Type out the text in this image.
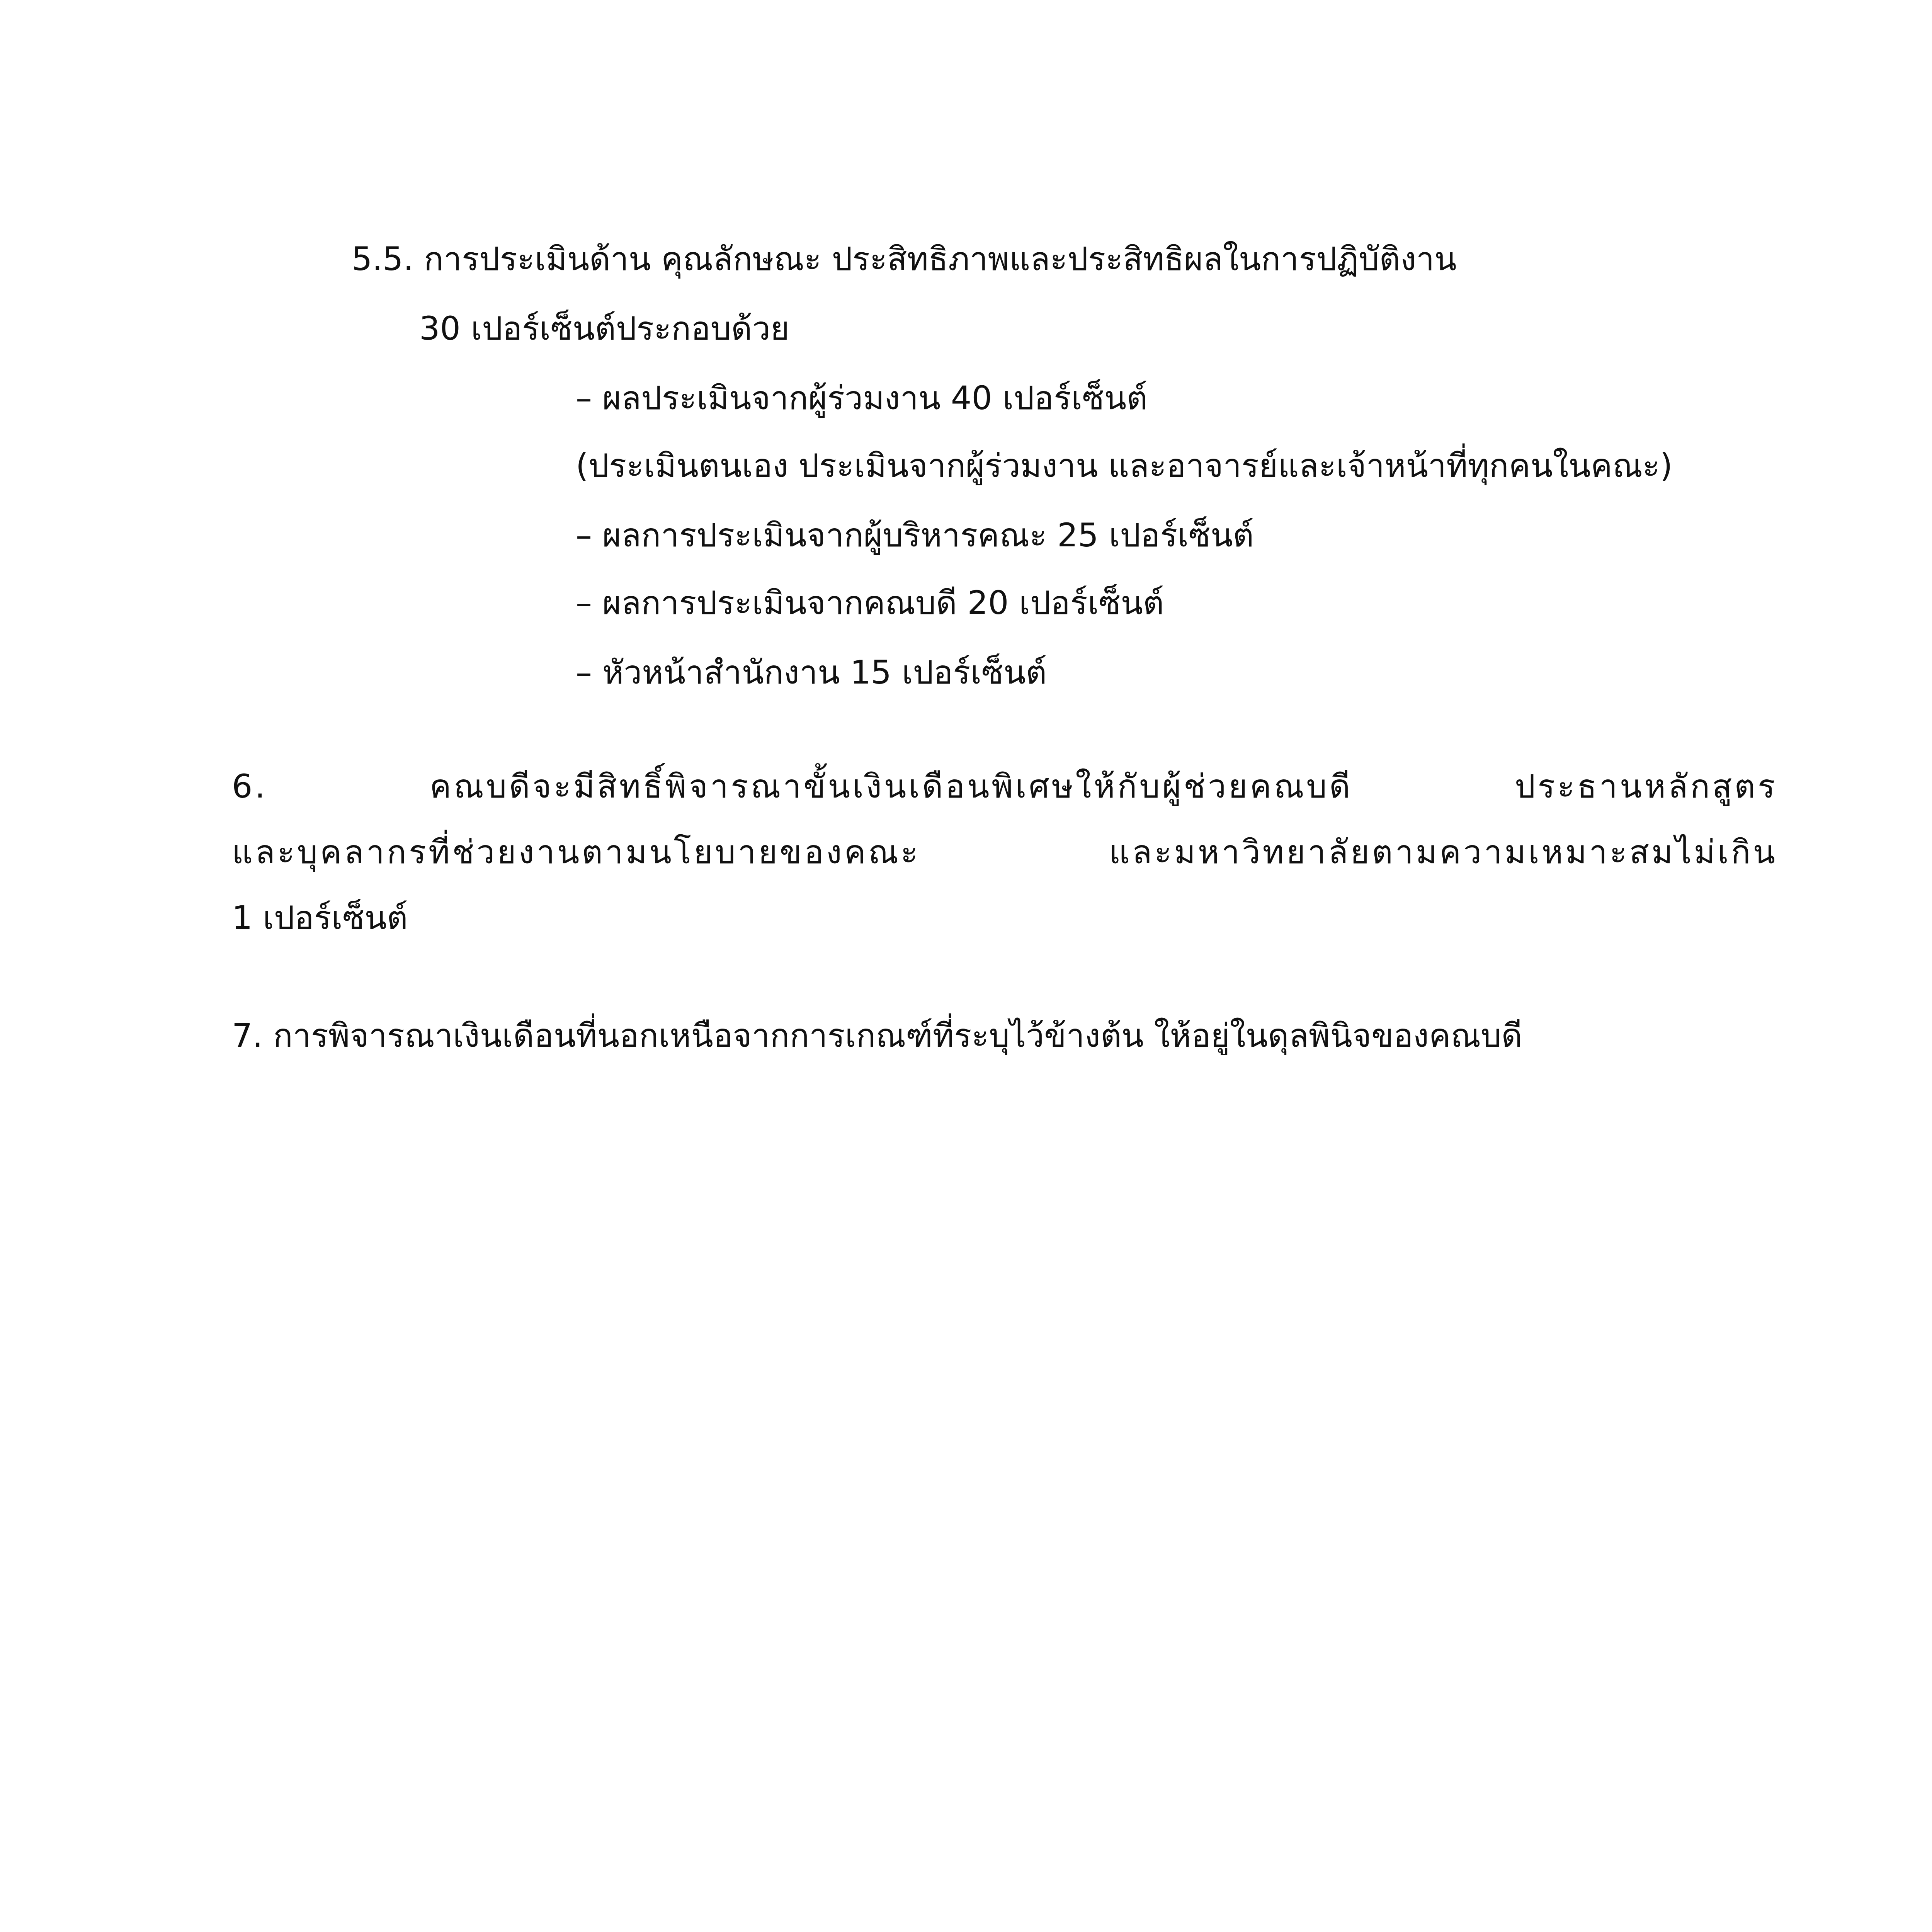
5.5. การประเมินด้าน คุณลักษณะ ประสิทธิภาพและประสิทธิผลในการปฏิบัติงาน
30 เปอร์เซ็นต์ประกอบด้วย
– ผลประเมินจากผู้ร่วมงาน 40 เปอร์เซ็นต์
(ประเมินตนเอง ประเมินจากผู้ร่วมงาน และอาจารย์และเจ้าหน้าที่ทุกคนในคณะ)
– ผลการประเมินจากผู้บริหารคณะ 25 เปอร์เซ็นต์
– ผลการประเมินจากคณบดี 20 เปอร์เซ็นต์
– หัวหน้าสำนักงาน 15 เปอร์เซ็นต์
6. คณบดีจะมีสิทธิ์พิจารณาขั้นเงินเดือนพิเศษให้กับผู้ช่วยคณบดี ประธานหลักสูตร
และบุคลากรที่ช่วยงานตามนโยบายของคณะ และมหาวิทยาลัยตามความเหมาะสมไม่เกิน
1 เปอร์เซ็นต์
7. การพิจารณาเงินเดือนที่นอกเหนือจากการเกณฑ์ที่ระบุไว้ข้างต้น ให้อยู่ในดุลพินิจของคณบดี
